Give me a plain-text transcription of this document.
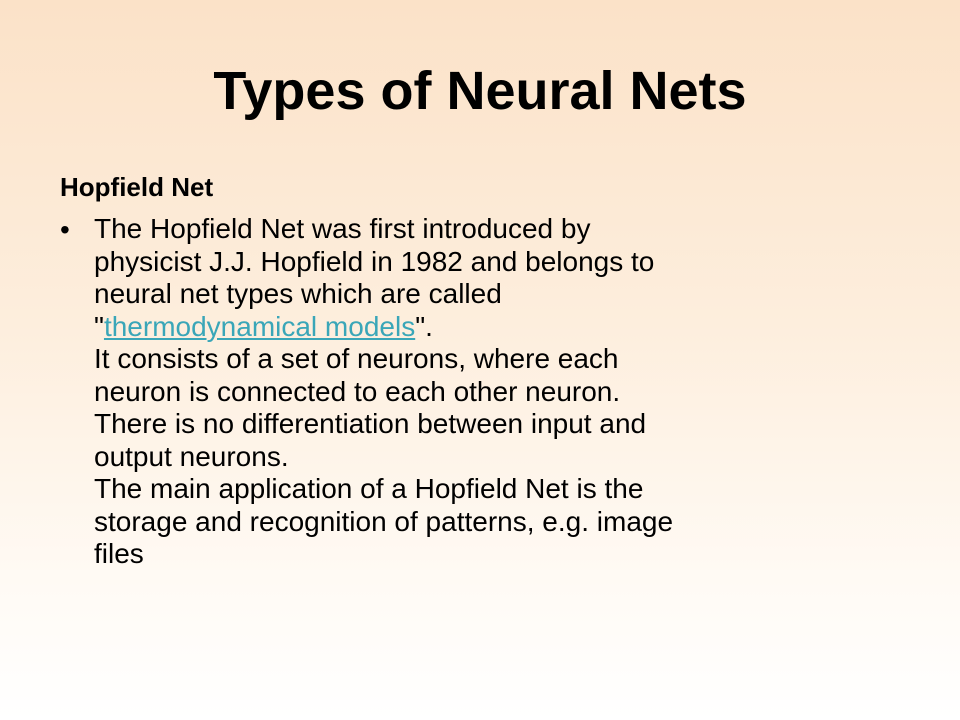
Types of Neural Nets
Hopfield Net
• The Hopfield Net was first introduced by
physicist J.J. Hopfield in 1982 and belongs to
neural net types which are called
"thermodynamical models".
It consists of a set of neurons, where each
neuron is connected to each other neuron.
There is no differentiation between input and
output neurons.
The main application of a Hopfield Net is the
storage and recognition of patterns, e.g. image
files
